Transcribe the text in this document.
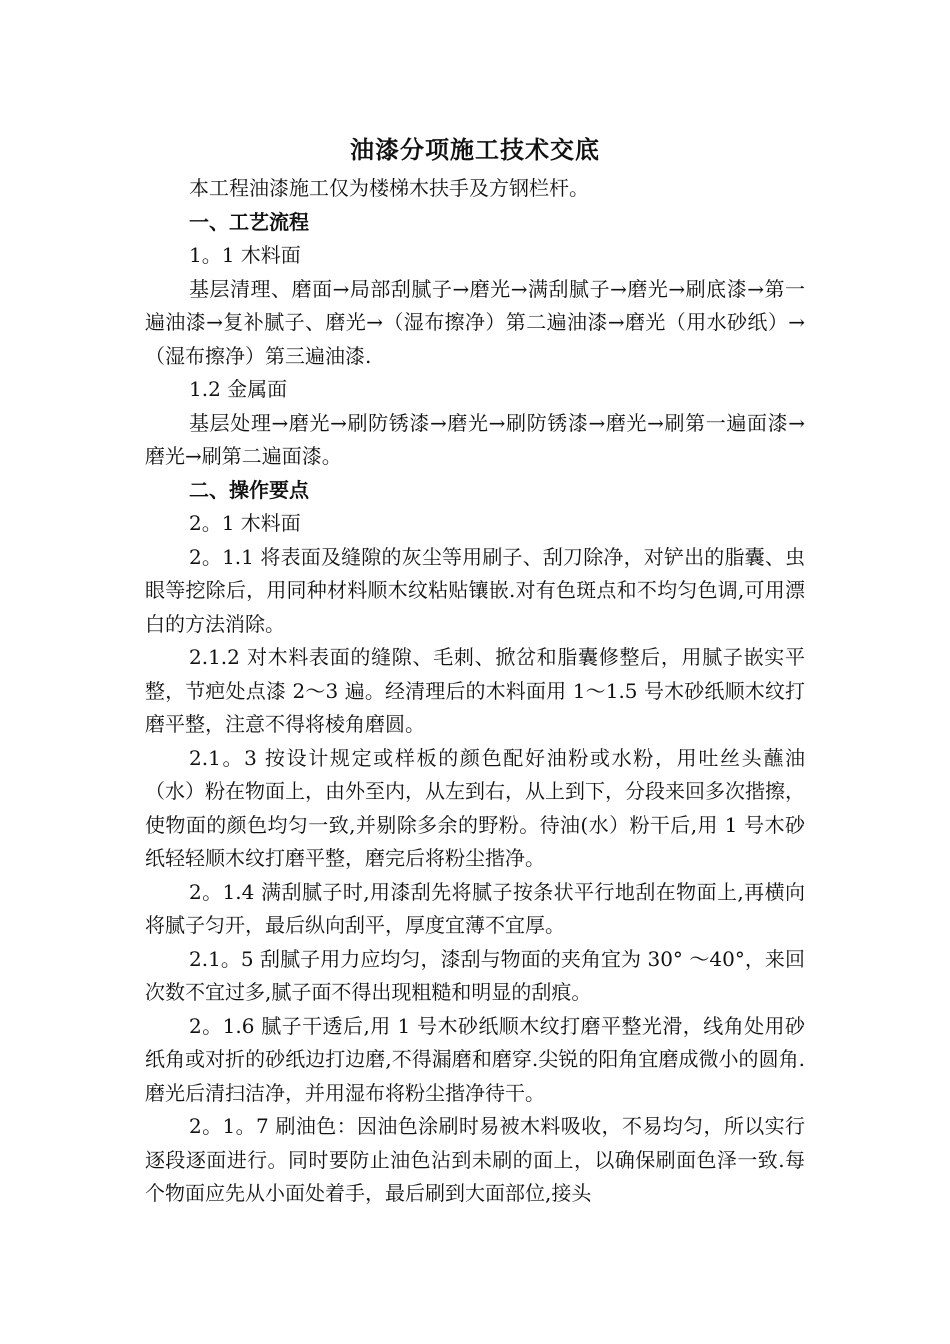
油漆分项施工技术交底

本工程油漆施工仅为楼梯木扶手及方钢栏杆。

一、工艺流程

1。1 木料面

基层清理、磨面→局部刮腻子→磨光→满刮腻子→磨光→刷底漆→第一遍油漆→复补腻子、磨光→（湿布擦净）第二遍油漆→磨光（用水砂纸）→（湿布擦净）第三遍油漆.

1.2 金属面

基层处理→磨光→刷防锈漆→磨光→刷防锈漆→磨光→刷第一遍面漆→磨光→刷第二遍面漆。

二、操作要点

2。1 木料面

2。1.1 将表面及缝隙的灰尘等用刷子、刮刀除净，对铲出的脂囊、虫眼等挖除后，用同种材料顺木纹粘贴镶嵌.对有色斑点和不均匀色调,可用漂白的方法消除。

2.1.2 对木料表面的缝隙、毛刺、掀岔和脂囊修整后，用腻子嵌实平整，节疤处点漆 2～3 遍。经清理后的木料面用 1～1.5 号木砂纸顺木纹打磨平整，注意不得将棱角磨圆。

2.1。3 按设计规定或样板的颜色配好油粉或水粉，用吐丝头蘸油（水）粉在物面上，由外至内，从左到右，从上到下，分段来回多次揩擦，使物面的颜色均匀一致,并剔除多余的野粉。待油(水）粉干后,用 1 号木砂纸轻轻顺木纹打磨平整，磨完后将粉尘揩净。

2。1.4 满刮腻子时,用漆刮先将腻子按条状平行地刮在物面上,再横向将腻子匀开，最后纵向刮平，厚度宜薄不宜厚。

2.1。5 刮腻子用力应均匀，漆刮与物面的夹角宜为 30° ～40°，来回次数不宜过多,腻子面不得出现粗糙和明显的刮痕。

2。1.6 腻子干透后,用 1 号木砂纸顺木纹打磨平整光滑，线角处用砂纸角或对折的砂纸边打边磨,不得漏磨和磨穿.尖锐的阳角宜磨成微小的圆角.磨光后清扫洁净，并用湿布将粉尘揩净待干。

2。1。7 刷油色：因油色涂刷时易被木料吸收，不易均匀，所以实行逐段逐面进行。同时要防止油色沾到未刷的面上，以确保刷面色泽一致.每个物面应先从小面处着手，最后刷到大面部位,接头
